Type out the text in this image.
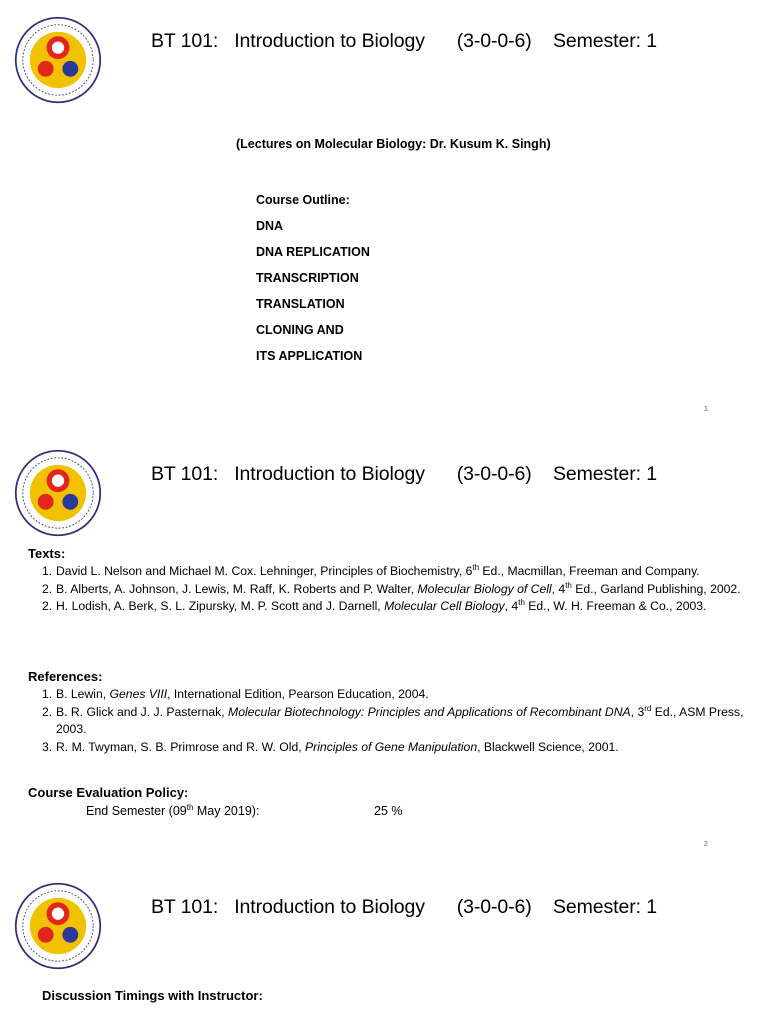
BT 101:   Introduction to Biology      (3-0-0-6)    Semester: 1
(Lectures on Molecular Biology: Dr. Kusum K. Singh)
Course Outline:
DNA
DNA REPLICATION
TRANSCRIPTION
TRANSLATION
CLONING AND
ITS APPLICATION
1
BT 101:   Introduction to Biology      (3-0-0-6)    Semester: 1
Texts:
1. David L. Nelson and Michael M. Cox. Lehninger, Principles of Biochemistry, 6th Ed., Macmillan, Freeman and Company.
2. B. Alberts, A. Johnson, J. Lewis, M. Raff, K. Roberts and P. Walter, Molecular Biology of Cell, 4th Ed., Garland Publishing, 2002.
2. H. Lodish, A. Berk, S. L. Zipursky, M. P. Scott and J. Darnell, Molecular Cell Biology, 4th Ed., W. H. Freeman & Co., 2003.
References:
1. B. Lewin, Genes VIII, International Edition, Pearson Education, 2004.
2. B. R. Glick and J. J. Pasternak, Molecular Biotechnology: Principles and Applications of Recombinant DNA, 3rd Ed., ASM Press, 2003.
3. R. M. Twyman, S. B. Primrose and R. W. Old, Principles of Gene Manipulation, Blackwell Science, 2001.
Course Evaluation Policy:
End Semester (09th May 2019):	25 %
2
BT 101:   Introduction to Biology      (3-0-0-6)    Semester: 1
Discussion Timings with Instructor:
